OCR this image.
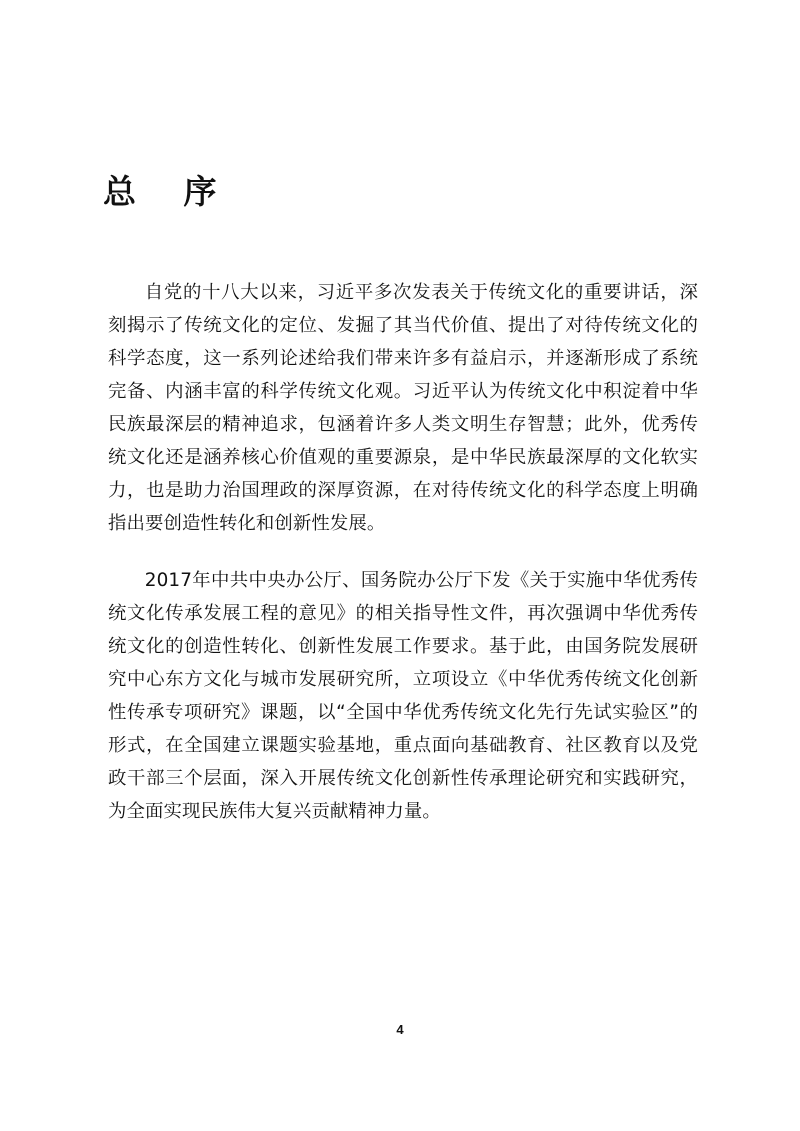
总 序

自党的十八大以来，习近平多次发表关于传统文化的重要讲话，深刻揭示了传统文化的定位、发掘了其当代价值、提出了对待传统文化的科学态度，这一系列论述给我们带来许多有益启示，并逐渐形成了系统完备、内涵丰富的科学传统文化观。习近平认为传统文化中积淀着中华民族最深层的精神追求，包涵着许多人类文明生存智慧；此外，优秀传统文化还是涵养核心价值观的重要源泉，是中华民族最深厚的文化软实力，也是助力治国理政的深厚资源，在对待传统文化的科学态度上明确指出要创造性转化和创新性发展。

2017年中共中央办公厅、国务院办公厅下发《关于实施中华优秀传统文化传承发展工程的意见》的相关指导性文件，再次强调中华优秀传统文化的创造性转化、创新性发展工作要求。基于此，由国务院发展研究中心东方文化与城市发展研究所，立项设立《中华优秀传统文化创新性传承专项研究》课题，以“全国中华优秀传统文化先行先试实验区”的形式，在全国建立课题实验基地，重点面向基础教育、社区教育以及党政干部三个层面，深入开展传统文化创新性传承理论研究和实践研究，为全面实现民族伟大复兴贡献精神力量。

4
